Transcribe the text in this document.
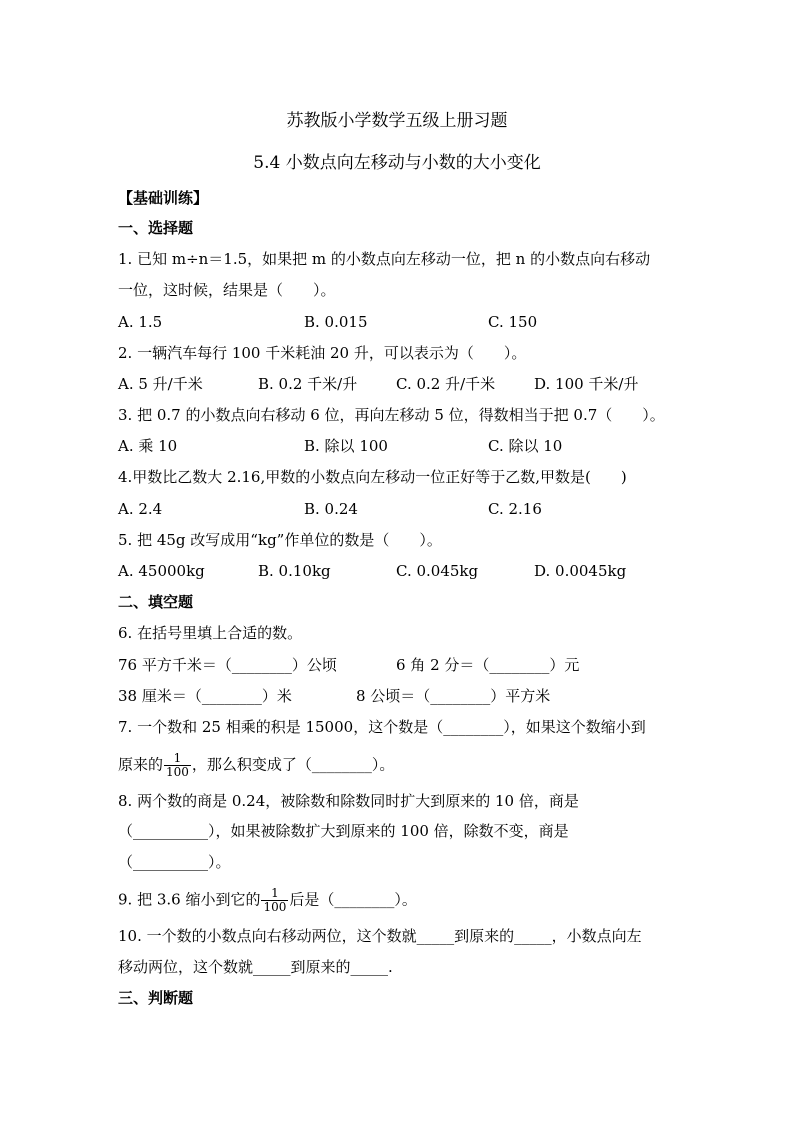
苏教版小学数学五级上册习题
5.4 小数点向左移动与小数的大小变化
【基础训练】
一、选择题
1. 已知 m÷n＝1.5，如果把 m 的小数点向左移动一位，把 n 的小数点向右移动
一位，这时候，结果是（　　）。
A. 1.5	B. 0.015	C. 150
2. 一辆汽车每行 100 千米耗油 20 升，可以表示为（　　）。
A. 5 升/千米	B. 0.2 千米/升	C. 0.2 升/千米	D. 100 千米/升
3. 把 0.7 的小数点向右移动 6 位，再向左移动 5 位，得数相当于把 0.7（　　）。
A. 乘 10	B. 除以 100	C. 除以 10
4.甲数比乙数大 2.16,甲数的小数点向左移动一位正好等于乙数,甲数是(　　)
A. 2.4	B. 0.24	C. 2.16
5. 把 45g 改写成用“kg”作单位的数是（　　）。
A. 45000kg	B. 0.10kg	C. 0.045kg	D. 0.0045kg
二、填空题
6. 在括号里填上合适的数。
76 平方千米＝（________）公顷	6 角 2 分＝（________）元
38 厘米＝（________）米	8 公顷＝（________）平方米
7. 一个数和 25 相乘的积是 15000，这个数是（________），如果这个数缩小到
原来的 $\frac{1}{100}$ ，那么积变成了（________）。
8. 两个数的商是 0.24，被除数和除数同时扩大到原来的 10 倍，商是
（__________），如果被除数扩大到原来的 100 倍，除数不变，商是
（__________）。
9. 把 3.6 缩小到它的 $\frac{1}{100}$ 后是（________）。
10. 一个数的小数点向右移动两位，这个数就_____到原来的_____，小数点向左
移动两位，这个数就_____到原来的_____.
三、判断题
